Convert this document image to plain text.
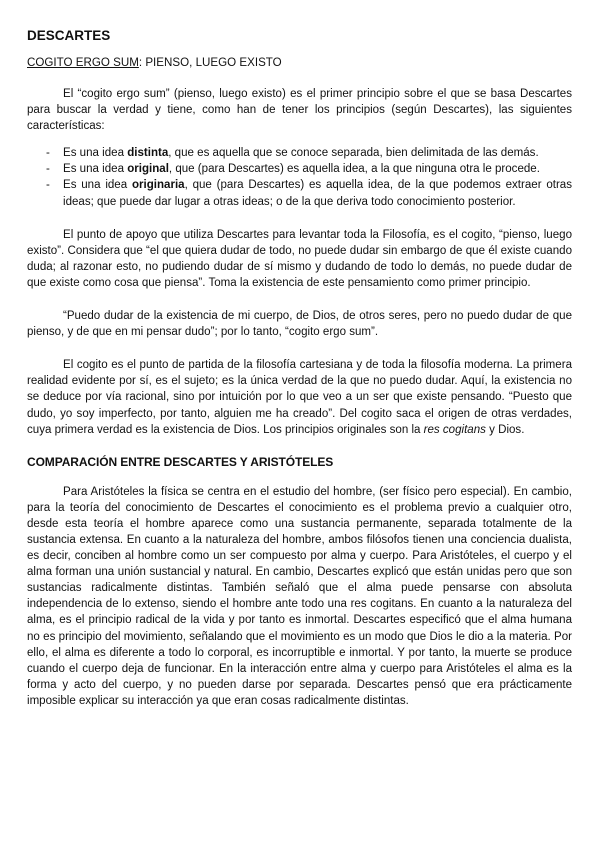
DESCARTES
COGITO ERGO SUM: PIENSO, LUEGO EXISTO

El “cogito ergo sum” (pienso, luego existo) es el primer principio sobre el que se basa Descartes para buscar la verdad y tiene, como han de tener los principios (según Descartes), las siguientes características:

- Es una idea distinta, que es aquella que se conoce separada, bien delimitada de las demás.
- Es una idea original, que (para Descartes) es aquella idea, a la que ninguna otra le procede.
- Es una idea originaria, que (para Descartes) es aquella idea, de la que podemos extraer otras ideas; que puede dar lugar a otras ideas; o de la que deriva todo conocimiento posterior.

El punto de apoyo que utiliza Descartes para levantar toda la Filosofía, es el cogito, “pienso, luego existo”. Considera que “el que quiera dudar de todo, no puede dudar sin embargo de que él existe cuando duda; al razonar esto, no pudiendo dudar de sí mismo y dudando de todo lo demás, no puede dudar de que existe como cosa que piensa”. Toma la existencia de este pensamiento como primer principio.

“Puedo dudar de la existencia de mi cuerpo, de Dios, de otros seres, pero no puedo dudar de que pienso, y de que en mi pensar dudo”; por lo tanto, “cogito ergo sum”.

El cogito es el punto de partida de la filosofía cartesiana y de toda la filosofía moderna. La primera realidad evidente por sí, es el sujeto; es la única verdad de la que no puedo dudar. Aquí, la existencia no se deduce por vía racional, sino por intuición por lo que veo a un ser que existe pensando. “Puesto que dudo, yo soy imperfecto, por tanto, alguien me ha creado”. Del cogito saca el origen de otras verdades, cuya primera verdad es la existencia de Dios. Los principios originales son la res cogitans y Dios.

COMPARACIÓN ENTRE DESCARTES Y ARISTÓTELES

Para Aristóteles la física se centra en el estudio del hombre, (ser físico pero especial). En cambio, para la teoría del conocimiento de Descartes el conocimiento es el problema previo a cualquier otro, desde esta teoría el hombre aparece como una sustancia permanente, separada totalmente de la sustancia extensa. En cuanto a la naturaleza del hombre, ambos filósofos tienen una conciencia dualista, es decir, conciben al hombre como un ser compuesto por alma y cuerpo. Para Aristóteles, el cuerpo y el alma forman una unión sustancial y natural. En cambio, Descartes explicó que están unidas pero que son sustancias radicalmente distintas. También señaló que el alma puede pensarse con absoluta independencia de lo extenso, siendo el hombre ante todo una res cogitans. En cuanto a la naturaleza del alma, es el principio radical de la vida y por tanto es inmortal. Descartes especificó que el alma humana no es principio del movimiento, señalando que el movimiento es un modo que Dios le dio a la materia. Por ello, el alma es diferente a todo lo corporal, es incorruptible e inmortal. Y por tanto, la muerte se produce cuando el cuerpo deja de funcionar. En la interacción entre alma y cuerpo para Aristóteles el alma es la forma y acto del cuerpo, y no pueden darse por separada. Descartes pensó que era prácticamente imposible explicar su interacción ya que eran cosas radicalmente distintas.
